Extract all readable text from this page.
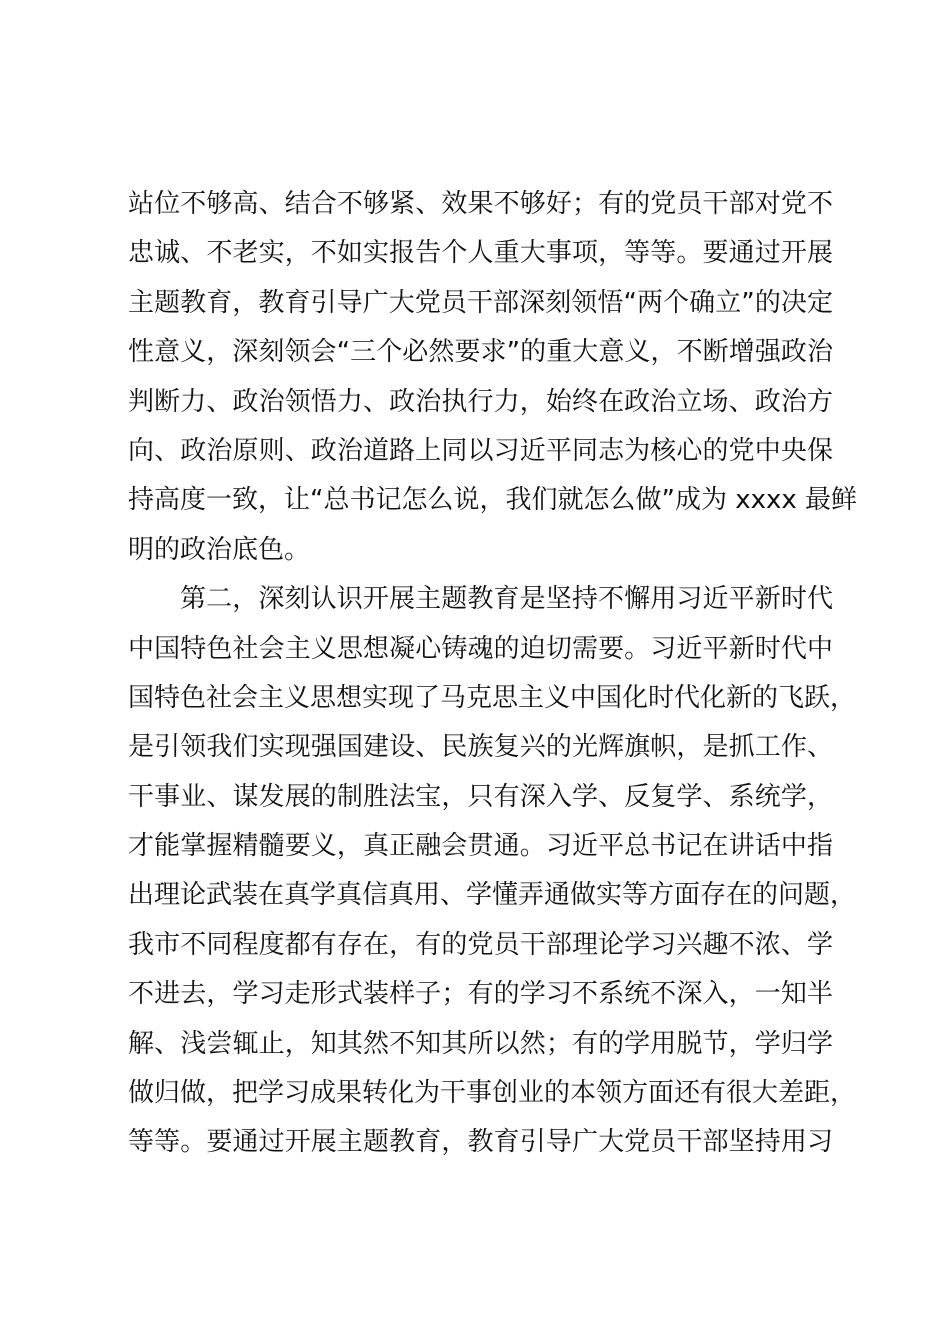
站位不够高、结合不够紧、效果不够好；有的党员干部对党不
忠诚、不老实，不如实报告个人重大事项，等等。要通过开展
主题教育，教育引导广大党员干部深刻领悟“两个确立”的决定
性意义，深刻领会“三个必然要求”的重大意义，不断增强政治
判断力、政治领悟力、政治执行力，始终在政治立场、政治方
向、政治原则、政治道路上同以习近平同志为核心的党中央保
持高度一致，让“总书记怎么说，我们就怎么做”成为 xxxx 最鲜
明的政治底色。
第二，深刻认识开展主题教育是坚持不懈用习近平新时代
中国特色社会主义思想凝心铸魂的迫切需要。习近平新时代中
国特色社会主义思想实现了马克思主义中国化时代化新的飞跃，
是引领我们实现强国建设、民族复兴的光辉旗帜，是抓工作、
干事业、谋发展的制胜法宝，只有深入学、反复学、系统学，
才能掌握精髓要义，真正融会贯通。习近平总书记在讲话中指
出理论武装在真学真信真用、学懂弄通做实等方面存在的问题，
我市不同程度都有存在，有的党员干部理论学习兴趣不浓、学
不进去，学习走形式装样子；有的学习不系统不深入，一知半
解、浅尝辄止，知其然不知其所以然；有的学用脱节，学归学
做归做，把学习成果转化为干事创业的本领方面还有很大差距，
等等。要通过开展主题教育，教育引导广大党员干部坚持用习
